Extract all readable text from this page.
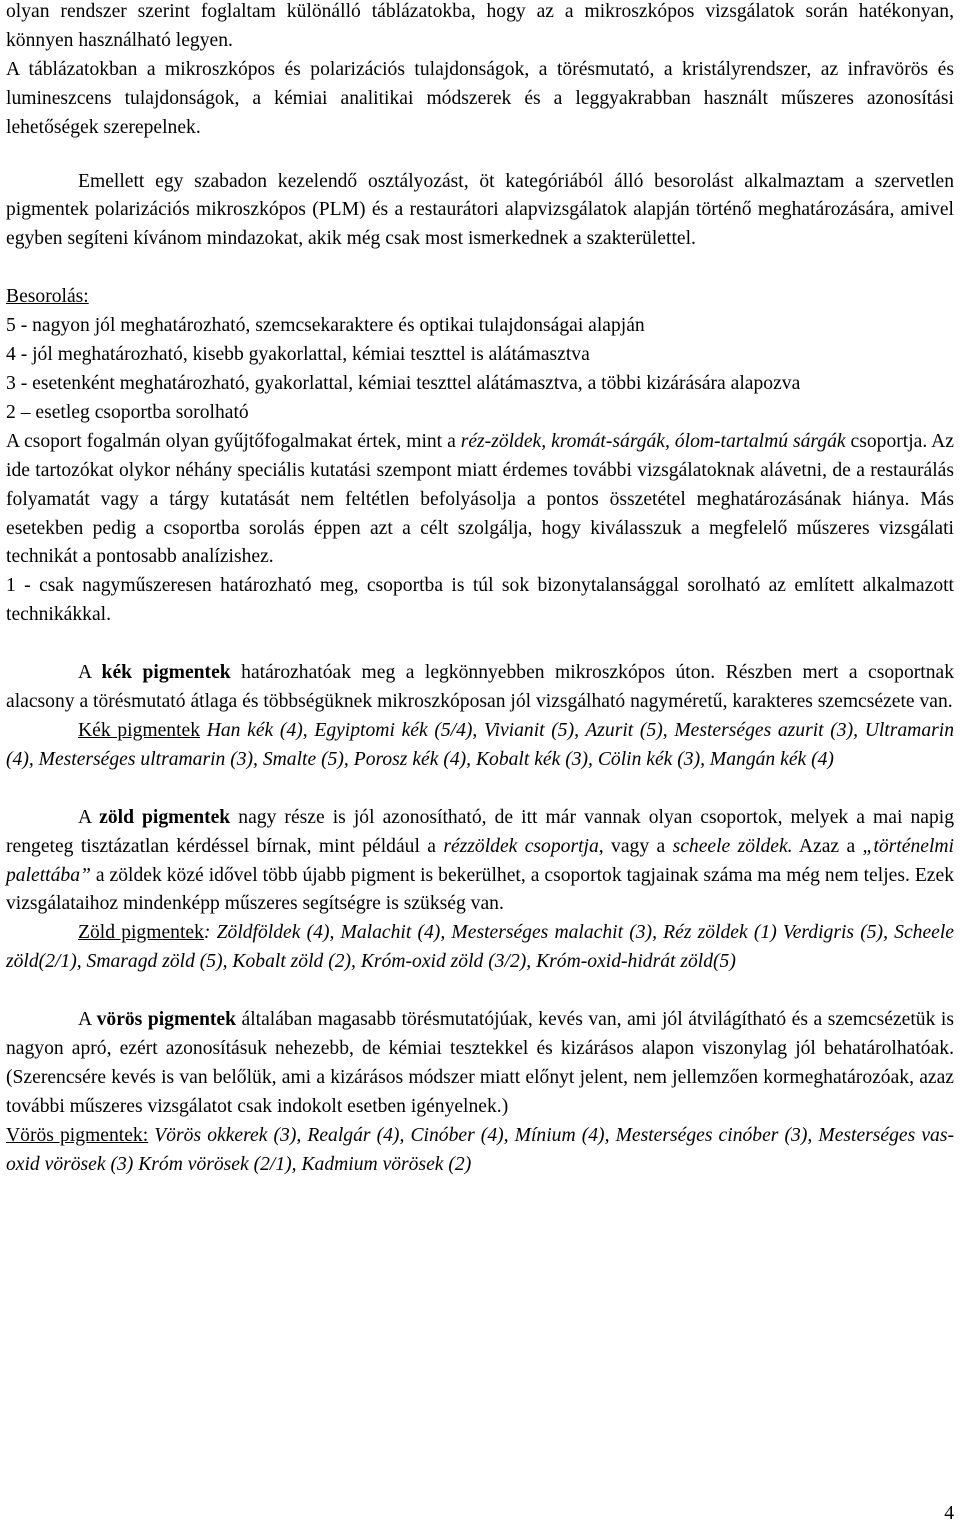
olyan rendszer szerint foglaltam különálló táblázatokba, hogy az a mikroszkópos vizsgálatok során hatékonyan, könnyen használható legyen.
A táblázatokban a mikroszkópos és polarizációs tulajdonságok, a törésmutató, a kristályrendszer, az infravörös és lumineszcens tulajdonságok, a kémiai analitikai módszerek és a leggyakrabban használt műszeres azonosítási lehetőségek szerepelnek.

Emellett egy szabadon kezelendő osztályozást, öt kategóriából álló besorolást alkalmaztam a szervetlen pigmentek polarizációs mikroszkópos (PLM) és a restaurátori alapvizsgálatok alapján történő meghatározására, amivel egyben segíteni kívánom mindazokat, akik még csak most ismerkednek a szakterülettel.

Besorolás:
5 - nagyon jól meghatározható, szemcsekaraktere és optikai tulajdonságai alapján
4 - jól meghatározható, kisebb gyakorlattal, kémiai teszttel is alátámasztva
3 - esetenként meghatározható, gyakorlattal, kémiai teszttel alátámasztva, a többi kizárására alapozva
2 – esetleg csoportba sorolható
A csoport fogalmán olyan gyűjtőfogalmakat értek, mint a réz-zöldek, kromát-sárgák, ólom-tartalmú sárgák csoportja. Az ide tartozókat olykor néhány speciális kutatási szempont miatt érdemes további vizsgálatoknak alávetni, de a restaurálás folyamatát vagy a tárgy kutatását nem feltétlen befolyásolja a pontos összetétel meghatározásának hiánya. Más esetekben pedig a csoportba sorolás éppen azt a célt szolgálja, hogy kiválasszuk a megfelelő műszeres vizsgálati technikát a pontosabb analízishez.
1 - csak nagyműszeresen határozható meg, csoportba is túl sok bizonytalansággal sorolható az említett alkalmazott technikákkal.

A kék pigmentek határozhatóak meg a legkönnyebben mikroszkópos úton. Részben mert a csoportnak alacsony a törésmutató átlaga és többségüknek mikroszkóposan jól vizsgálható nagyméretű, karakteres szemcsézete van.

Kék pigmentek Han kék (4), Egyiptomi kék (5/4), Vivianit (5), Azurit (5), Mesterséges azurit (3), Ultramarin (4), Mesterséges ultramarin (3), Smalte (5), Porosz kék (4), Kobalt kék (3), Cölin kék (3), Mangán kék (4)

A zöld pigmentek nagy része is jól azonosítható, de itt már vannak olyan csoportok, melyek a mai napig rengeteg tisztázatlan kérdéssel bírnak, mint például a rézzöldek csoportja, vagy a scheele zöldek. Azaz a „történelmi palettába” a zöldek közé idővel több újabb pigment is bekerülhet, a csoportok tagjainak száma ma még nem teljes. Ezek vizsgálataihoz mindenképp műszeres segítségre is szükség van.

Zöld pigmentek: Zöldföldek (4), Malachit (4), Mesterséges malachit (3), Réz zöldek (1) Verdigris (5), Scheele zöld(2/1), Smaragd zöld (5), Kobalt zöld (2), Króm-oxid zöld (3/2), Króm-oxid-hidrát zöld(5)

A vörös pigmentek általában magasabb törésmutatójúak, kevés van, ami jól átvilágítható és a szemcsézetük is nagyon apró, ezért azonosításuk nehezebb, de kémiai tesztekkel és kizárásos alapon viszonylag jól behatárolhatóak. (Szerencsére kevés is van belőlük, ami a kizárásos módszer miatt előnyt jelent, nem jellemzően kormeghatározóak, azaz további műszeres vizsgálatot csak indokolt esetben igényelnek.)
Vörös pigmentek: Vörös okkerek (3), Realgár (4), Cinóber (4), Mínium (4), Mesterséges cinóber (3), Mesterséges vas-oxid vörösek (3) Króm vörösek (2/1), Kadmium vörösek (2)

4
